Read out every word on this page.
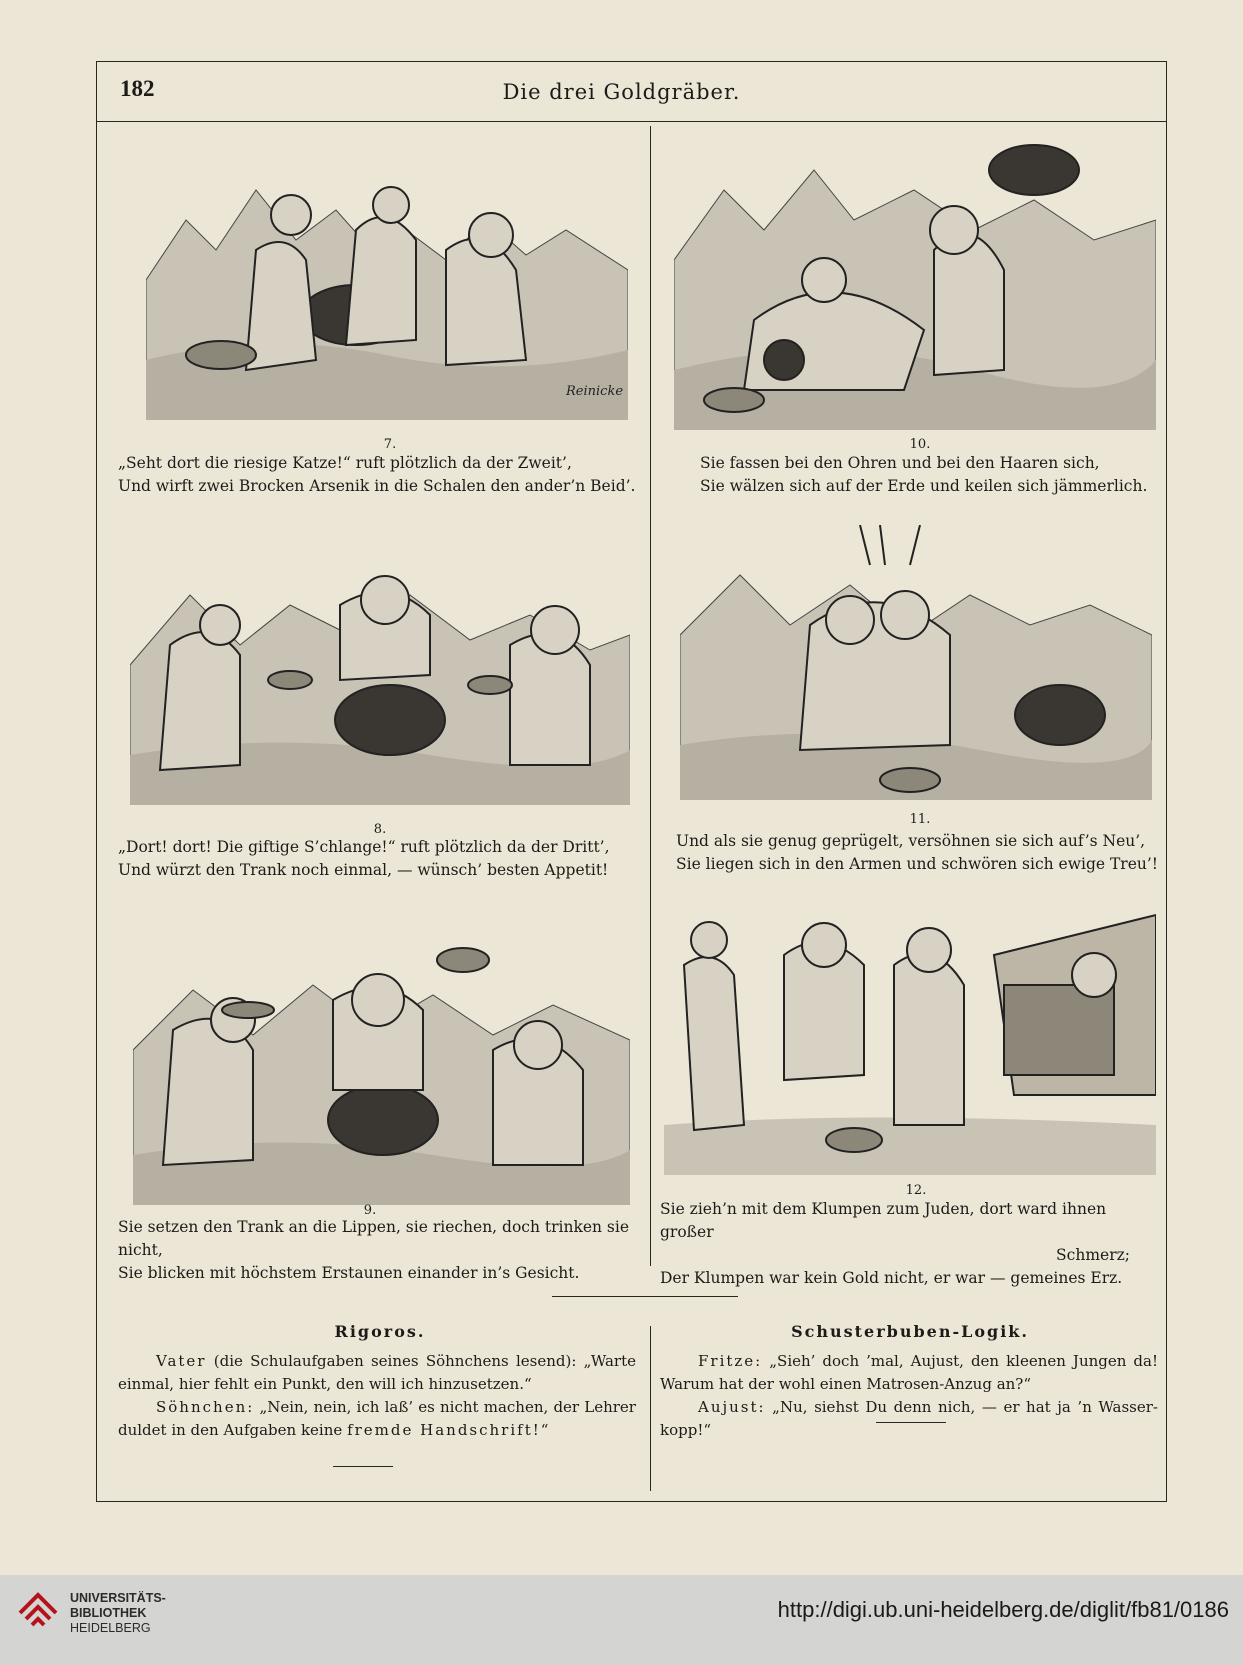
182	Die drei Goldgräber.
Reinicke
7.
„Seht dort die riesige Katze!“ ruft plötzlich da der Zweit’,
Und wirft zwei Brocken Arsenik in die Schalen den ander’n Beid’.
10.
Sie fassen bei den Ohren und bei den Haaren sich,
Sie wälzen sich auf der Erde und keilen sich jämmerlich.
8.
„Dort! dort! Die giftige S’chlange!“ ruft plötzlich da der Dritt’,
Und würzt den Trank noch einmal, — wünsch’ besten Appetit!
11.
Und als sie genug geprügelt, versöhnen sie sich auf’s Neu’,
Sie liegen sich in den Armen und schwören sich ewige Treu’!
9.
Sie setzen den Trank an die Lippen, sie riechen, doch trinken sie nicht,
Sie blicken mit höchstem Erstaunen einander in’s Gesicht.
12.
Sie zieh’n mit dem Klumpen zum Juden, dort ward ihnen großer
Schmerz;
Der Klumpen war kein Gold nicht, er war — gemeines Erz.
Rigoros.

Vater (die Schulaufgaben seines Söhnchens lesend): „Warte einmal, hier fehlt ein Punkt, den will ich hinzusetzen.“

Söhnchen: „Nein, nein, ich laß’ es nicht machen, der Lehrer duldet in den Aufgaben keine fremde Handschrift!“

Schusterbuben-Logik.

Fritze: „Sieh’ doch ’mal, Aujust, den kleenen Jungen da! Warum hat der wohl einen Matrosen-Anzug an?“

Aujust: „Nu, siehst Du denn nich, — er hat ja ’n Wasser-kopp!“

UNIVERSITÄTS-
BIBLIOTHEK
HEIDELBERG
http://digi.ub.uni-heidelberg.de/diglit/fb81/0186
